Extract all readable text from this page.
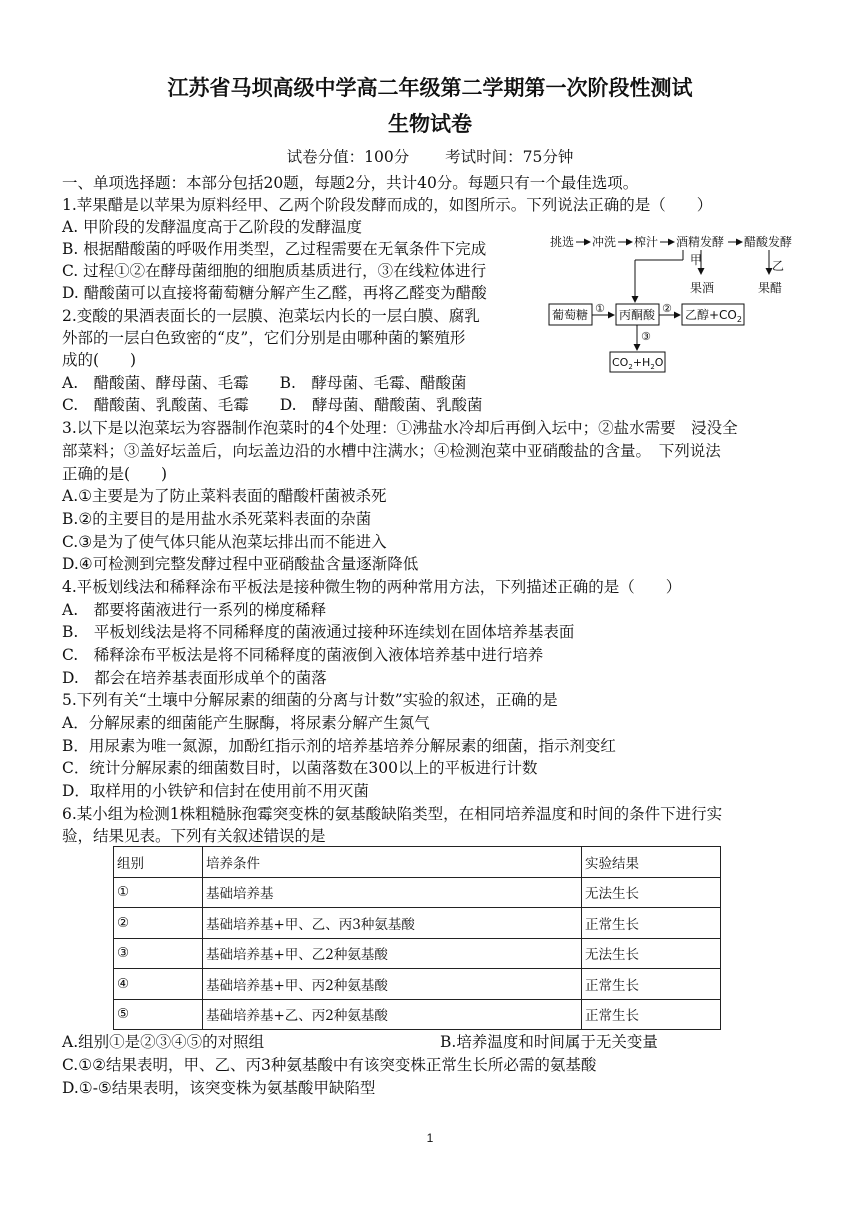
江苏省马坝高级中学高二年级第二学期第一次阶段性测试
生物试卷
试卷分值：100分 考试时间：75分钟
一、单项选择题：本部分包括20题，每题2分，共计40分。每题只有一个最佳选项。
1.苹果醋是以苹果为原料经甲、乙两个阶段发酵而成的，如图所示。下列说法正确的是（　　）
A. 甲阶段的发酵温度高于乙阶段的发酵温度
B. 根据醋酸菌的呼吸作用类型，乙过程需要在无氧条件下完成
C. 过程①②在酵母菌细胞的细胞质基质进行，③在线粒体进行
D. 醋酸菌可以直接将葡萄糖分解产生乙醛，再将乙醛变为醋酸
挑选 冲洗 榨汁 酒精发酵 醋酸发酵
甲	乙
果酒	果醋
葡萄糖 ① 丙酮酸 ② 乙醇$+CO_2$
③
$CO_2+H_2O$
2.变酸的果酒表面长的一层膜、泡菜坛内长的一层白膜、腐乳
外部的一层白色致密的“皮”，它们分别是由哪种菌的繁殖形
成的(　　)
A.　醋酸菌、酵母菌、毛霉　　B.　酵母菌、毛霉、醋酸菌
C.　醋酸菌、乳酸菌、毛霉　　D.　酵母菌、醋酸菌、乳酸菌
3.以下是以泡菜坛为容器制作泡菜时的4个处理：①沸盐水冷却后再倒入坛中；②盐水需要　浸没全
部菜料；③盖好坛盖后，向坛盖边沿的水槽中注满水；④检测泡菜中亚硝酸盐的含量。　下列说法
正确的是(　　)
A.①主要是为了防止菜料表面的醋酸杆菌被杀死
B.②的主要目的是用盐水杀死菜料表面的杂菌
C.③是为了使气体只能从泡菜坛排出而不能进入
D.④可检测到完整发酵过程中亚硝酸盐含量逐渐降低
4.平板划线法和稀释涂布平板法是接种微生物的两种常用方法，下列描述正确的是（　　）
A.　都要将菌液进行一系列的梯度稀释
B.　平板划线法是将不同稀释度的菌液通过接种环连续划在固体培养基表面
C.　稀释涂布平板法是将不同稀释度的菌液倒入液体培养基中进行培养
D.　都会在培养基表面形成单个的菌落
5.下列有关“土壤中分解尿素的细菌的分离与计数”实验的叙述，正确的是
A．分解尿素的细菌能产生脲酶，将尿素分解产生氮气
B．用尿素为唯一氮源，加酚红指示剂的培养基培养分解尿素的细菌，指示剂变红
C．统计分解尿素的细菌数目时，以菌落数在300以上的平板进行计数
D．取样用的小铁铲和信封在使用前不用灭菌
6.某小组为检测1株粗糙脉孢霉突变株的氨基酸缺陷类型，在相同培养温度和时间的条件下进行实
验，结果见表。下列有关叙述错误的是
组别	培养条件	实验结果
①	基础培养基	无法生长
②	基础培养基+甲、乙、丙3种氨基酸	正常生长
③	基础培养基+甲、乙2种氨基酸	无法生长
④	基础培养基+甲、丙2种氨基酸	正常生长
⑤	基础培养基+乙、丙2种氨基酸	正常生长
A.组别①是②③④⑤的对照组	B.培养温度和时间属于无关变量
C.①②结果表明，甲、乙、丙3种氨基酸中有该突变株正常生长所必需的氨基酸
D.①-⑤结果表明，该突变株为氨基酸甲缺陷型
1
